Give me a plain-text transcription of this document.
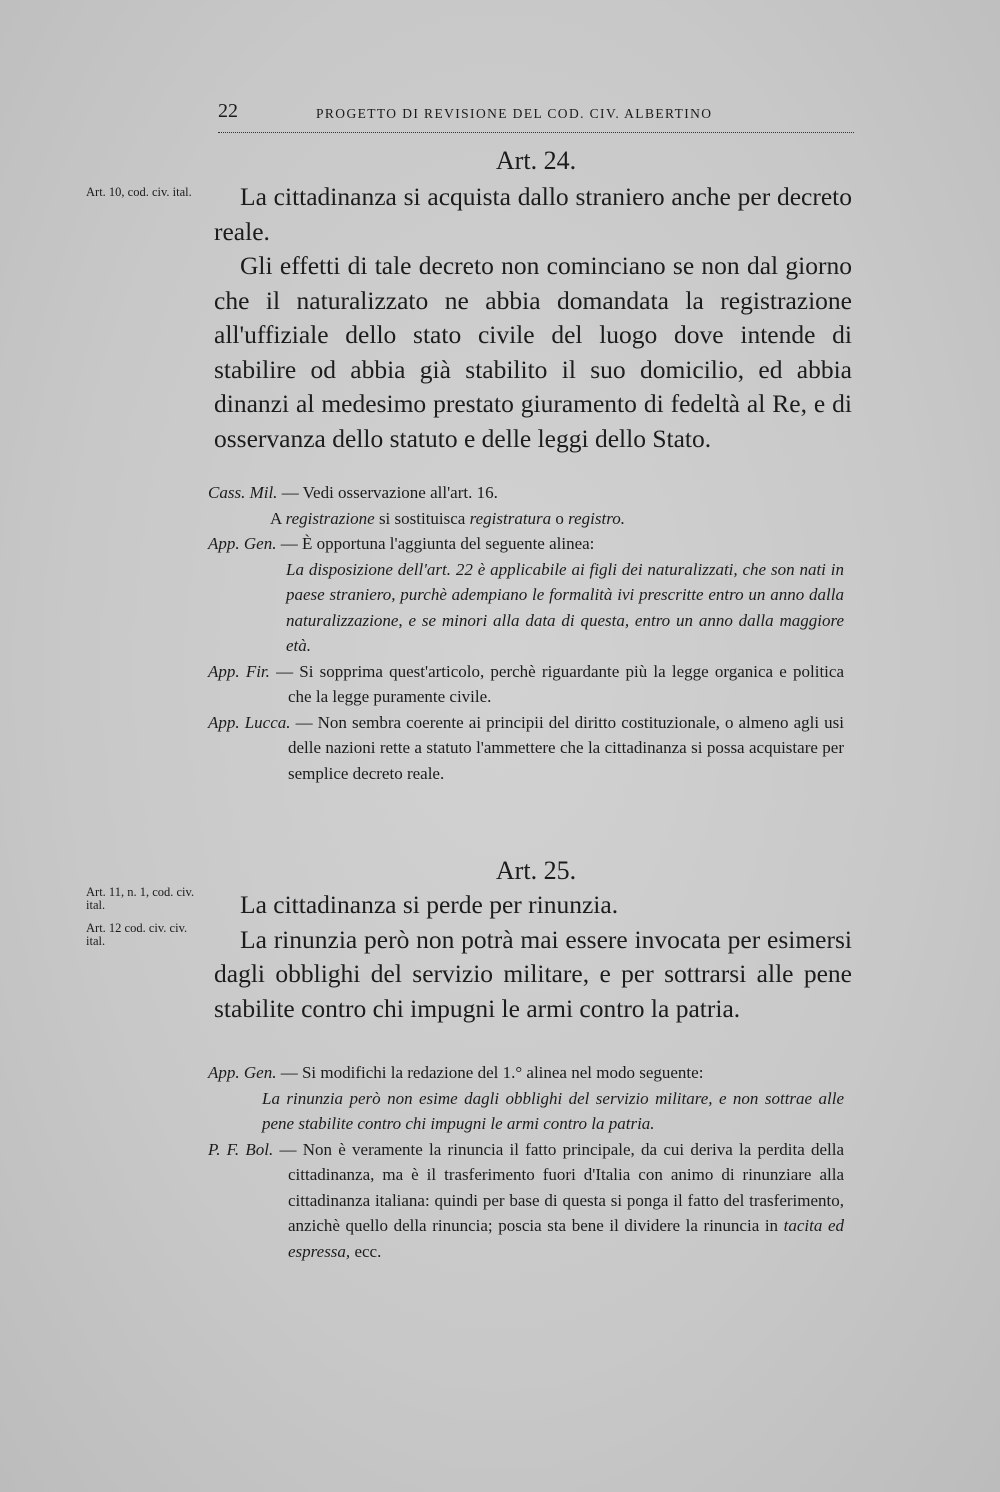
22	PROGETTO DI REVISIONE DEL COD. CIV. ALBERTINO
Art. 24.
Art. 10, cod. civ. ital.	La cittadinanza si acquista dallo straniero anche per decreto reale.

Gli effetti di tale decreto non cominciano se non dal giorno che il naturalizzato ne abbia domandata la registrazione all'uffiziale dello stato civile del luogo dove intende di stabilire od abbia già stabilito il suo domicilio, ed abbia dinanzi al medesimo prestato giuramento di fedeltà al Re, e di osservanza dello statuto e delle leggi dello Stato.

Cass. Mil. — Vedi osservazione all'art. 16.

A registrazione si sostituisca registratura o registro.

App. Gen. — È opportuna l'aggiunta del seguente alinea:

La disposizione dell'art. 22 è applicabile ai figli dei naturalizzati, che son nati in paese straniero, purchè adempiano le formalità ivi prescritte entro un anno dalla naturalizzazione, e se minori alla data di questa, entro un anno dalla maggiore età.

App. Fir. — Si sopprima quest'articolo, perchè riguardante più la legge organica e politica che la legge puramente civile.

App. Lucca. — Non sembra coerente ai principii del diritto costituzionale, o almeno agli usi delle nazioni rette a statuto l'ammettere che la cittadinanza si possa acquistare per semplice decreto reale.

Art. 25.
Art. 11, n. 1, cod. civ. ital.
Art. 12 cod. civ. civ. ital.

La cittadinanza si perde per rinunzia.

La rinunzia però non potrà mai essere invocata per esimersi dagli obblighi del servizio militare, e per sottrarsi alle pene stabilite contro chi impugni le armi contro la patria.

App. Gen. — Si modifichi la redazione del 1.° alinea nel modo seguente:

La rinunzia però non esime dagli obblighi del servizio militare, e non sottrae alle pene stabilite contro chi impugni le armi contro la patria.

P. F. Bol. — Non è veramente la rinuncia il fatto principale, da cui deriva la perdita della cittadinanza, ma è il trasferimento fuori d'Italia con animo di rinunziare alla cittadinanza italiana: quindi per base di questa si ponga il fatto del trasferimento, anzichè quello della rinuncia; poscia sta bene il dividere la rinuncia in tacita ed espressa, ecc.
